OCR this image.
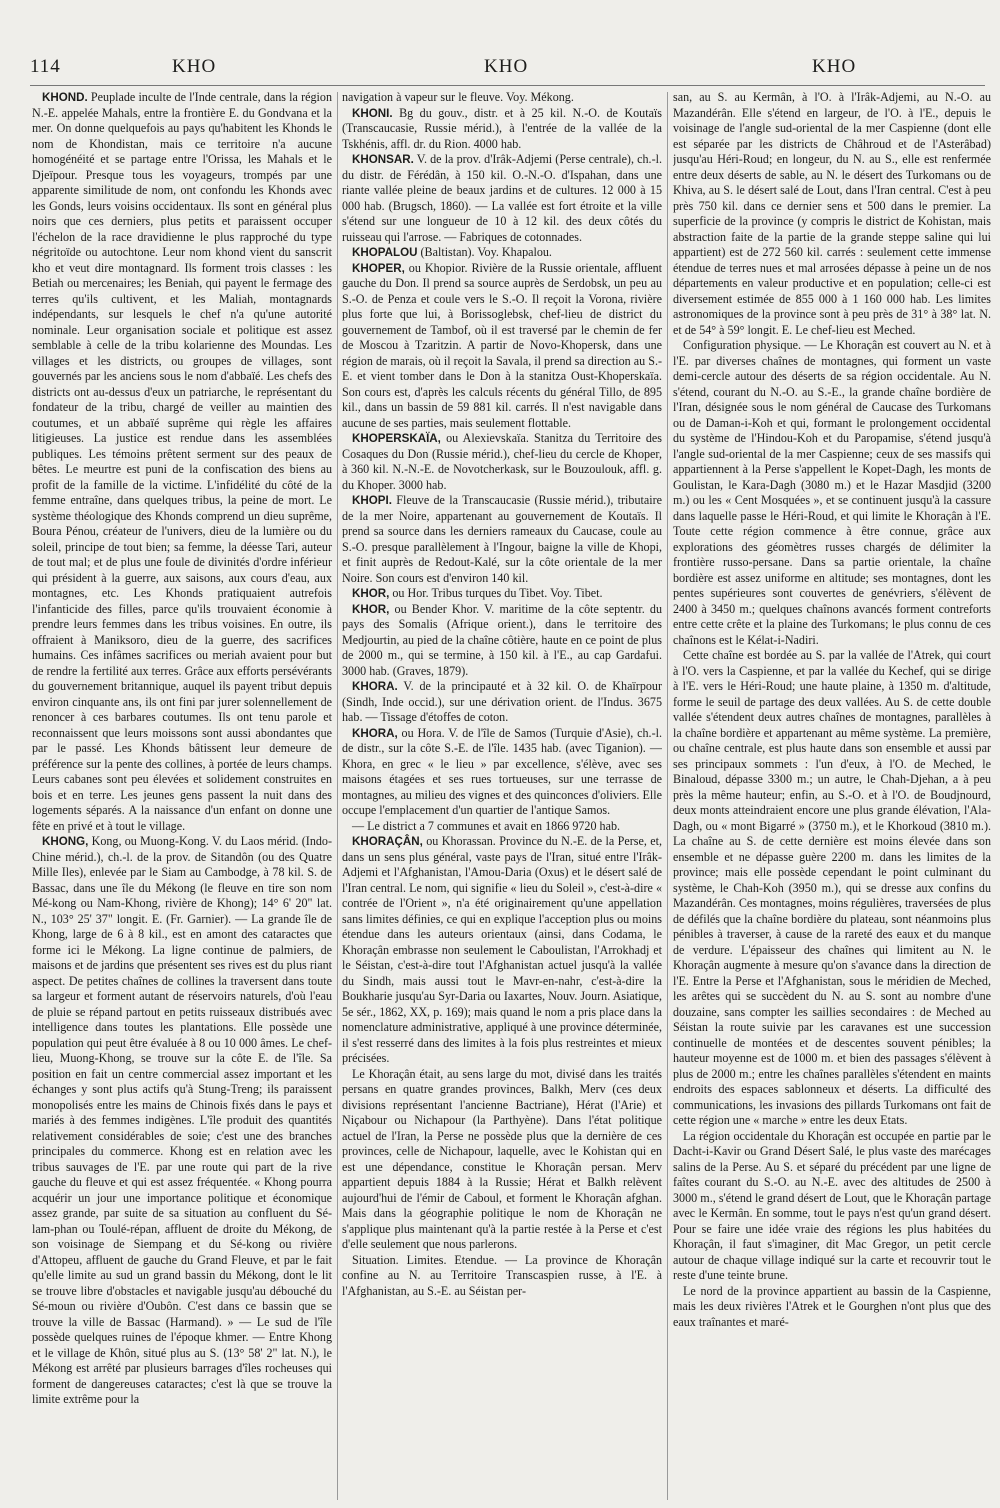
114	KHO	KHO	KHO

KHOND. Peuplade inculte de l'Inde centrale, dans la région N.-E. appelée Mahals, entre la frontière E. du Gondvana et la mer. On donne quelquefois au pays qu'habitent les Khonds le nom de Khondistan, mais ce territoire n'a aucune homogénéité et se partage entre l'Orissa, les Mahals et le Djeïpour. Presque tous les voyageurs, trompés par une apparente similitude de nom, ont confondu les Khonds avec les Gonds, leurs voisins occidentaux. Ils sont en général plus noirs que ces derniers, plus petits et paraissent occuper l'échelon de la race dravidienne le plus rapproché du type négritoïde ou autochtone. Leur nom khond vient du sanscrit kho et veut dire montagnard. Ils forment trois classes : les Betiah ou mercenaires; les Beniah, qui payent le fermage des terres qu'ils cultivent, et les Maliah, montagnards indépendants, sur lesquels le chef n'a qu'une autorité nominale. Leur organisation sociale et politique est assez semblable à celle de la tribu kolarienne des Moundas. Les villages et les districts, ou groupes de villages, sont gouvernés par les anciens sous le nom d'abbaïé. Les chefs des districts ont au-dessus d'eux un patriarche, le représentant du fondateur de la tribu, chargé de veiller au maintien des coutumes, et un abbaïé suprême qui règle les affaires litigieuses. La justice est rendue dans les assemblées publiques. Les témoins prêtent serment sur des peaux de bêtes. Le meurtre est puni de la confiscation des biens au profit de la famille de la victime. L'infidélité du côté de la femme entraîne, dans quelques tribus, la peine de mort. Le système théologique des Khonds comprend un dieu suprême, Boura Pénou, créateur de l'univers, dieu de la lumière ou du soleil, principe de tout bien; sa femme, la déesse Tari, auteur de tout mal; et de plus une foule de divinités d'ordre inférieur qui président à la guerre, aux saisons, aux cours d'eau, aux montagnes, etc. Les Khonds pratiquaient autrefois l'infanticide des filles, parce qu'ils trouvaient économie à prendre leurs femmes dans les tribus voisines. En outre, ils offraient à Maniksoro, dieu de la guerre, des sacrifices humains. Ces infâmes sacrifices ou meriah avaient pour but de rendre la fertilité aux terres. Grâce aux efforts persévérants du gouvernement britannique, auquel ils payent tribut depuis environ cinquante ans, ils ont fini par jurer solennellement de renoncer à ces barbares coutumes. Ils ont tenu parole et reconnaissent que leurs moissons sont aussi abondantes que par le passé. Les Khonds bâtissent leur demeure de préférence sur la pente des collines, à portée de leurs champs. Leurs cabanes sont peu élevées et solidement construites en bois et en terre. Les jeunes gens passent la nuit dans des logements séparés. A la naissance d'un enfant on donne une fête en privé et à tout le village.

KHONG, Kong, ou Muong-Kong. V. du Laos mérid. (Indo-Chine mérid.), ch.-l. de la prov. de Sitandôn (ou des Quatre Mille Iles), enlevée par le Siam au Cambodge, à 78 kil. S. de Bassac, dans une île du Mékong (le fleuve en tire son nom Mé-kong ou Nam-Khong, rivière de Khong); 14° 6' 20" lat. N., 103° 25' 37" longit. E. (Fr. Garnier). — La grande île de Khong, large de 6 à 8 kil., est en amont des cataractes que forme ici le Mékong. La ligne continue de palmiers, de maisons et de jardins que présentent ses rives est du plus riant aspect. De petites chaînes de collines la traversent dans toute sa largeur et forment autant de réservoirs naturels, d'où l'eau de pluie se répand partout en petits ruisseaux distribués avec intelligence dans toutes les plantations. Elle possède une population qui peut être évaluée à 8 ou 10 000 âmes. Le chef-lieu, Muong-Khong, se trouve sur la côte E. de l'île. Sa position en fait un centre commercial assez important et les échanges y sont plus actifs qu'à Stung-Treng; ils paraissent monopolisés entre les mains de Chinois fixés dans le pays et mariés à des femmes indigènes. L'île produit des quantités relativement considérables de soie; c'est une des branches principales du commerce. Khong est en relation avec les tribus sauvages de l'E. par une route qui part de la rive gauche du fleuve et qui est assez fréquentée. « Khong pourra acquérir un jour une importance politique et économique assez grande, par suite de sa situation au confluent du Sé-lam-phan ou Toulé-répan, affluent de droite du Mékong, de son voisinage de Siempang et du Sé-kong ou rivière d'Attopeu, affluent de gauche du Grand Fleuve, et par le fait qu'elle limite au sud un grand bassin du Mékong, dont le lit se trouve libre d'obstacles et navigable jusqu'au débouché du Sé-moun ou rivière d'Oubôn. C'est dans ce bassin que se trouve la ville de Bassac (Harmand). » — Le sud de l'île possède quelques ruines de l'époque khmer. — Entre Khong et le village de Khôn, situé plus au S. (13° 58' 2" lat. N.), le Mékong est arrêté par plusieurs barrages d'îles rocheuses qui forment de dangereuses cataractes; c'est là que se trouve la limite extrême pour la

navigation à vapeur sur le fleuve. Voy. Mékong.

KHONI. Bg du gouv., distr. et à 25 kil. N.-O. de Koutaïs (Transcaucasie, Russie mérid.), à l'entrée de la vallée de la Tskhénis, affl. dr. du Rion. 4000 hab.

KHONSAR. V. de la prov. d'Irâk-Adjemi (Perse centrale), ch.-l. du distr. de Férédân, à 150 kil. O.-N.-O. d'Ispahan, dans une riante vallée pleine de beaux jardins et de cultures. 12 000 à 15 000 hab. (Brugsch, 1860). — La vallée est fort étroite et la ville s'étend sur une longueur de 10 à 12 kil. des deux côtés du ruisseau qui l'arrose. — Fabriques de cotonnades.

KHOPALOU (Baltistan). Voy. Khapalou.

KHOPER, ou Khopior. Rivière de la Russie orientale, affluent gauche du Don. Il prend sa source auprès de Serdobsk, un peu au S.-O. de Penza et coule vers le S.-O. Il reçoit la Vorona, rivière plus forte que lui, à Borissoglebsk, chef-lieu de district du gouvernement de Tambof, où il est traversé par le chemin de fer de Moscou à Tzaritzin. A partir de Novo-Khopersk, dans une région de marais, où il reçoit la Savala, il prend sa direction au S.-E. et vient tomber dans le Don à la stanitza Oust-Khoperskaïa. Son cours est, d'après les calculs récents du général Tillo, de 895 kil., dans un bassin de 59 881 kil. carrés. Il n'est navigable dans aucune de ses parties, mais seulement flottable.

KHOPERSKAÏA, ou Alexievskaïa. Stanitza du Territoire des Cosaques du Don (Russie mérid.), chef-lieu du cercle de Khoper, à 360 kil. N.-N.-E. de Novotcherkask, sur le Bouzoulouk, affl. g. du Khoper. 3000 hab.

KHOPI. Fleuve de la Transcaucasie (Russie mérid.), tributaire de la mer Noire, appartenant au gouvernement de Koutaïs. Il prend sa source dans les derniers rameaux du Caucase, coule au S.-O. presque parallèlement à l'Ingour, baigne la ville de Khopi, et finit auprès de Redout-Kalé, sur la côte orientale de la mer Noire. Son cours est d'environ 140 kil.

KHOR, ou Hor. Tribus turques du Tibet. Voy. Tibet.

KHOR, ou Bender Khor. V. maritime de la côte septentr. du pays des Somalis (Afrique orient.), dans le territoire des Medjourtin, au pied de la chaîne côtière, haute en ce point de plus de 2000 m., qui se termine, à 150 kil. à l'E., au cap Gardafui. 3000 hab. (Graves, 1879).

KHORA. V. de la principauté et à 32 kil. O. de Khaïrpour (Sindh, Inde occid.), sur une dérivation orient. de l'Indus. 3675 hab. — Tissage d'étoffes de coton.

KHORA, ou Hora. V. de l'île de Samos (Turquie d'Asie), ch.-l. de distr., sur la côte S.-E. de l'île. 1435 hab. (avec Tiganion). — Khora, en grec « le lieu » par excellence, s'élève, avec ses maisons étagées et ses rues tortueuses, sur une terrasse de montagnes, au milieu des vignes et des quinconces d'oliviers. Elle occupe l'emplacement d'un quartier de l'antique Samos.

— Le district a 7 communes et avait en 1866 9720 hab.

KHORAÇÂN, ou Khorassan. Province du N.-E. de la Perse, et, dans un sens plus général, vaste pays de l'Iran, situé entre l'Irâk-Adjemi et l'Afghanistan, l'Amou-Daria (Oxus) et le désert salé de l'Iran central. Le nom, qui signifie « lieu du Soleil », c'est-à-dire « contrée de l'Orient », n'a été originairement qu'une appellation sans limites définies, ce qui en explique l'acception plus ou moins étendue dans les auteurs orientaux (ainsi, dans Codama, le Khoraçân embrasse non seulement le Caboulistan, l'Arrokhadj et le Séistan, c'est-à-dire tout l'Afghanistan actuel jusqu'à la vallée du Sindh, mais aussi tout le Mavr-en-nahr, c'est-à-dire la Boukharie jusqu'au Syr-Daria ou Iaxartes, Nouv. Journ. Asiatique, 5e sér., 1862, XX, p. 169); mais quand le nom a pris place dans la nomenclature administrative, appliqué à une province déterminée, il s'est resserré dans des limites à la fois plus restreintes et mieux précisées.

Le Khoraçân était, au sens large du mot, divisé dans les traités persans en quatre grandes provinces, Balkh, Merv (ces deux divisions représentant l'ancienne Bactriane), Hérat (l'Arie) et Niçabour ou Nichapour (la Parthyène). Dans l'état politique actuel de l'Iran, la Perse ne possède plus que la dernière de ces provinces, celle de Nichapour, laquelle, avec le Kohistan qui en est une dépendance, constitue le Khoraçân persan. Merv appartient depuis 1884 à la Russie; Hérat et Balkh relèvent aujourd'hui de l'émir de Caboul, et forment le Khoraçân afghan. Mais dans la géographie politique le nom de Khoraçân ne s'applique plus maintenant qu'à la partie restée à la Perse et c'est d'elle seulement que nous parlerons.

Situation. Limites. Etendue. — La province de Khoraçân confine au N. au Territoire Transcaspien russe, à l'E. à l'Afghanistan, au S.-E. au Séistan per-

san, au S. au Kermân, à l'O. à l'Irâk-Adjemi, au N.-O. au Mazandérân. Elle s'étend en largeur, de l'O. à l'E., depuis le voisinage de l'angle sud-oriental de la mer Caspienne (dont elle est séparée par les districts de Châhroud et de l'Asterâbad) jusqu'au Héri-Roud; en longeur, du N. au S., elle est renfermée entre deux déserts de sable, au N. le désert des Turkomans ou de Khiva, au S. le désert salé de Lout, dans l'Iran central. C'est à peu près 750 kil. dans ce dernier sens et 500 dans le premier. La superficie de la province (y compris le district de Kohistan, mais abstraction faite de la partie de la grande steppe saline qui lui appartient) est de 272 560 kil. carrés : seulement cette immense étendue de terres nues et mal arrosées dépasse à peine un de nos départements en valeur productive et en population; celle-ci est diversement estimée de 855 000 à 1 160 000 hab. Les limites astronomiques de la province sont à peu près de 31° à 38° lat. N. et de 54° à 59° longit. E. Le chef-lieu est Meched.

Configuration physique. — Le Khoraçân est couvert au N. et à l'E. par diverses chaînes de montagnes, qui forment un vaste demi-cercle autour des déserts de sa région occidentale. Au N. s'étend, courant du N.-O. au S.-E., la grande chaîne bordière de l'Iran, désignée sous le nom général de Caucase des Turkomans ou de Daman-i-Koh et qui, formant le prolongement occidental du système de l'Hindou-Koh et du Paropamise, s'étend jusqu'à l'angle sud-oriental de la mer Caspienne; ceux de ses massifs qui appartiennent à la Perse s'appellent le Kopet-Dagh, les monts de Goulistan, le Kara-Dagh (3080 m.) et le Hazar Masdjid (3200 m.) ou les « Cent Mosquées », et se continuent jusqu'à la cassure dans laquelle passe le Héri-Roud, et qui limite le Khoraçân à l'E. Toute cette région commence à être connue, grâce aux explorations des géomètres russes chargés de délimiter la frontière russo-persane. Dans sa partie orientale, la chaîne bordière est assez uniforme en altitude; ses montagnes, dont les pentes supérieures sont couvertes de genévriers, s'élèvent de 2400 à 3450 m.; quelques chaînons avancés forment contreforts entre cette crête et la plaine des Turkomans; le plus connu de ces chaînons est le Kélat-i-Nadiri.

Cette chaîne est bordée au S. par la vallée de l'Atrek, qui court à l'O. vers la Caspienne, et par la vallée du Kechef, qui se dirige à l'E. vers le Héri-Roud; une haute plaine, à 1350 m. d'altitude, forme le seuil de partage des deux vallées. Au S. de cette double vallée s'étendent deux autres chaînes de montagnes, parallèles à la chaîne bordière et appartenant au même système. La première, ou chaîne centrale, est plus haute dans son ensemble et aussi par ses principaux sommets : l'un d'eux, à l'O. de Meched, le Binaloud, dépasse 3300 m.; un autre, le Chah-Djehan, a à peu près la même hauteur; enfin, au S.-O. et à l'O. de Boudjnourd, deux monts atteindraient encore une plus grande élévation, l'Ala-Dagh, ou « mont Bigarré » (3750 m.), et le Khorkoud (3810 m.). La chaîne au S. de cette dernière est moins élevée dans son ensemble et ne dépasse guère 2200 m. dans les limites de la province; mais elle possède cependant le point culminant du système, le Chah-Koh (3950 m.), qui se dresse aux confins du Mazandérân. Ces montagnes, moins régulières, traversées de plus de défilés que la chaîne bordière du plateau, sont néanmoins plus pénibles à traverser, à cause de la rareté des eaux et du manque de verdure. L'épaisseur des chaînes qui limitent au N. le Khoraçân augmente à mesure qu'on s'avance dans la direction de l'E. Entre la Perse et l'Afghanistan, sous le méridien de Meched, les arêtes qui se succèdent du N. au S. sont au nombre d'une douzaine, sans compter les saillies secondaires : de Meched au Séistan la route suivie par les caravanes est une succession continuelle de montées et de descentes souvent pénibles; la hauteur moyenne est de 1000 m. et bien des passages s'élèvent à plus de 2000 m.; entre les chaînes parallèles s'étendent en maints endroits des espaces sablonneux et déserts. La difficulté des communications, les invasions des pillards Turkomans ont fait de cette région une « marche » entre les deux Etats.

La région occidentale du Khoraçân est occupée en partie par le Dacht-i-Kavir ou Grand Désert Salé, le plus vaste des marécages salins de la Perse. Au S. et séparé du précédent par une ligne de faîtes courant du S.-O. au N.-E. avec des altitudes de 2500 à 3000 m., s'étend le grand désert de Lout, que le Khoraçân partage avec le Kermân. En somme, tout le pays n'est qu'un grand désert. Pour se faire une idée vraie des régions les plus habitées du Khoraçân, il faut s'imaginer, dit Mac Gregor, un petit cercle autour de chaque village indiqué sur la carte et recouvrir tout le reste d'une teinte brune.

Le nord de la province appartient au bassin de la Caspienne, mais les deux rivières l'Atrek et le Gourghen n'ont plus que des eaux traînantes et maré-
